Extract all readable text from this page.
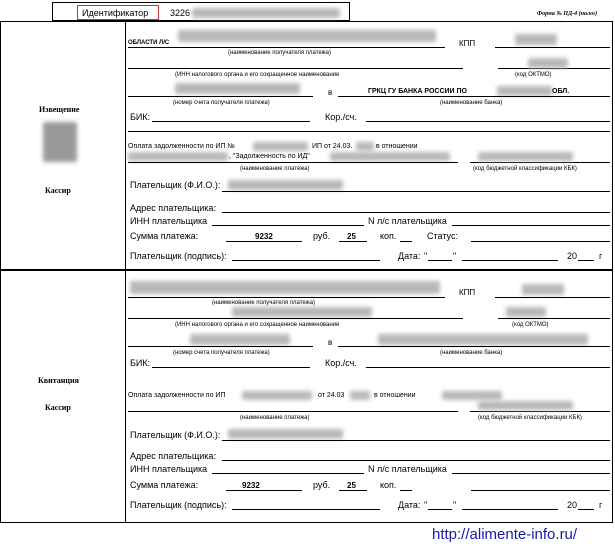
Идентификатор 3226	Форма № ПД-4 (налог)
Извещение
Кассир
Квитанция
Кассир
ОБЛАСТИ Л/С	КПП
(наименование получателя платежа)
(ИНН налогового органа и его сокращенное наименование	(код ОКТМО)
в	ГРКЦ ГУ БАНКА РОССИИ ПО	ОБЛ.
(номер счета получателя платежа)	(наименование банка)
БИК:	Кор./сч.
Оплата задолженности по ИП №	ИП от 24.03.	в отношении
, "Задолженность по ИД"
(наименование платежа)	(код бюджетной классификации КБК)
Плательщик (Ф.И.О.):
Адрес плательщика:
ИНН плательщика	N л/с плательщика
Сумма платежа:	9232	руб. 25	коп.	Статус:
Плательщик (подпись):	Дата: "	"	20 г
КПП
(наименование получателя платежа)
(ИНН налогового органа и его сокращенное наименование	(код ОКТМО)
в
(номер счета получателя платежа)	(наименование банка)
БИК:	Кор./сч.
Оплата задолженности по ИП	от 24.03	в отношении
(наименование платежа)	(код бюджетной классификации КБК)
Плательщик (Ф.И.О.):
Адрес плательщика:
ИНН плательщика	N л/с плательщика
Сумма платежа:	9232	руб. 25	коп.
Плательщик (подпись):	Дата: "	"	20 г
http://alimente-info.ru/
